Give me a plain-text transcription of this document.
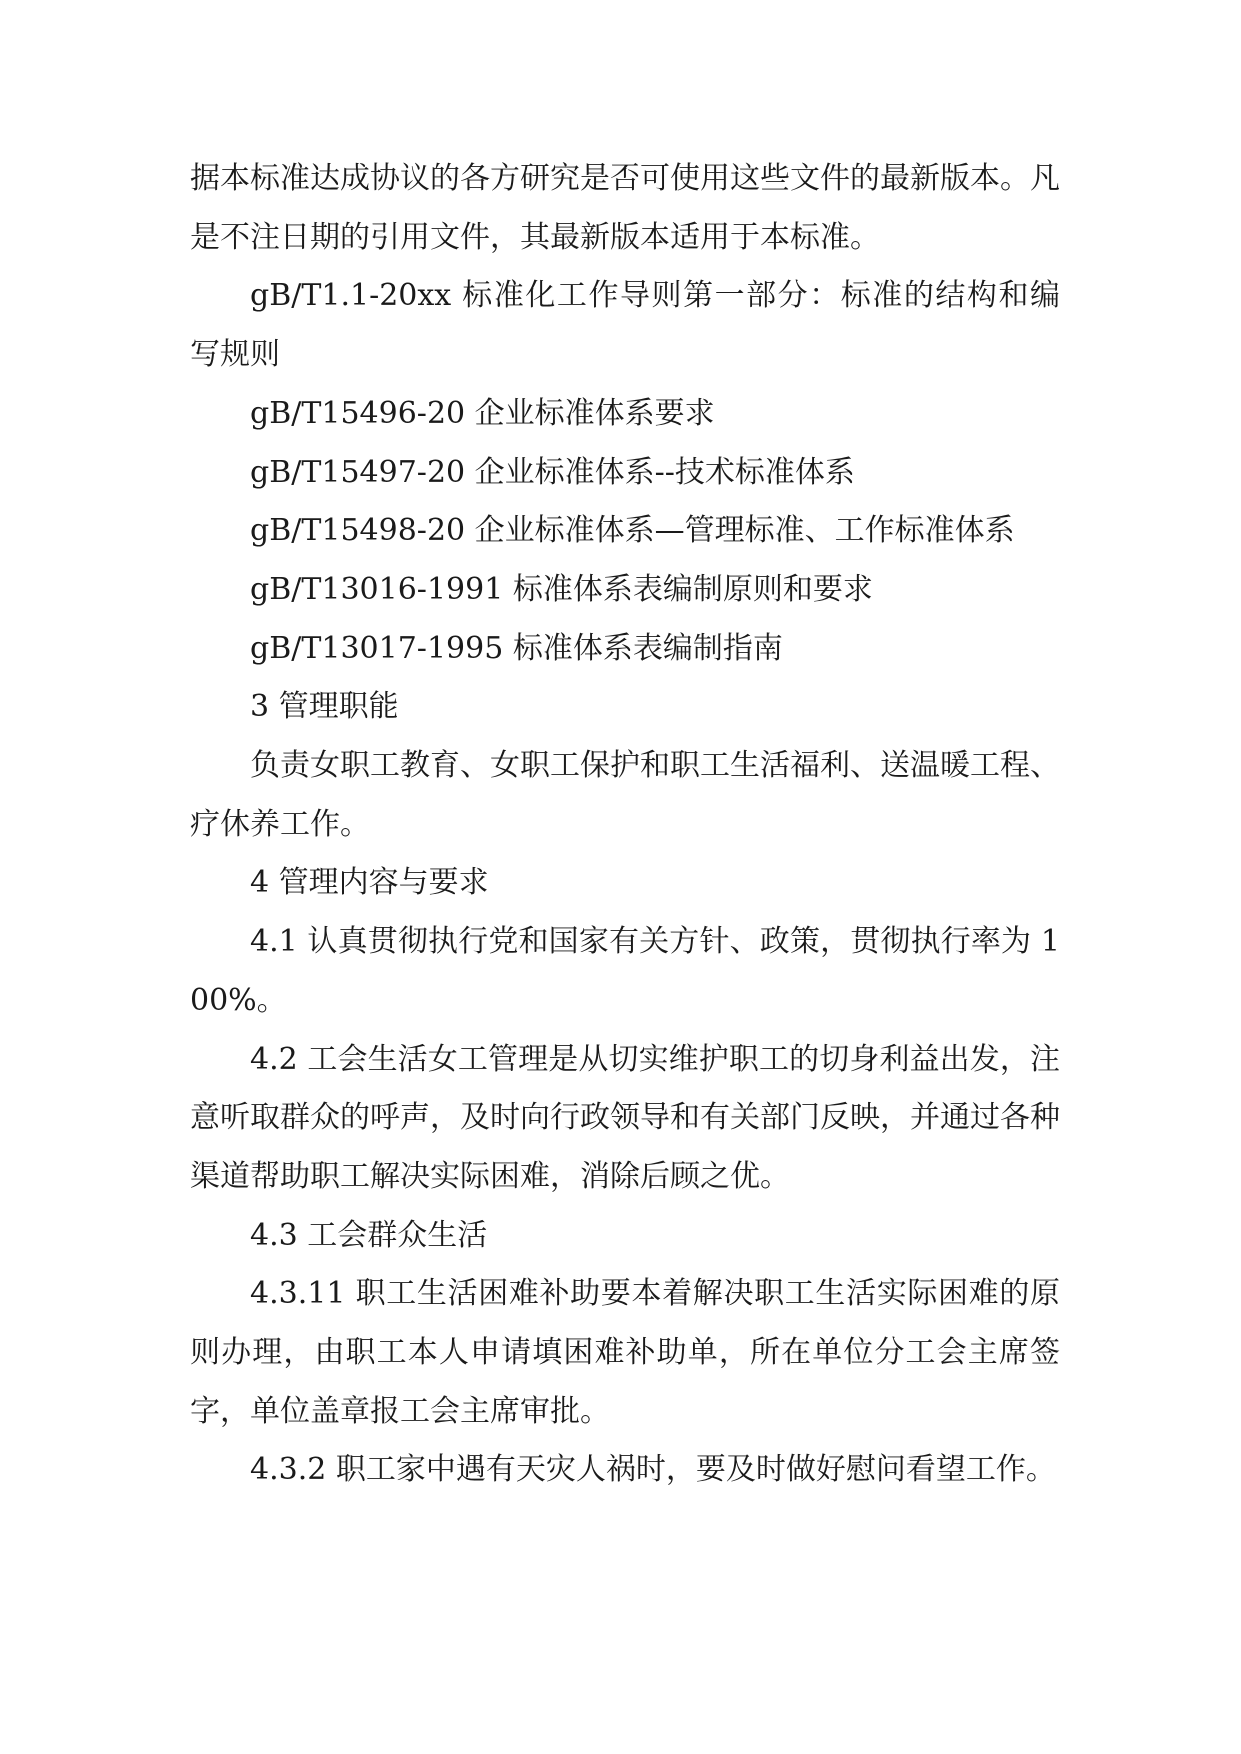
据本标准达成协议的各方研究是否可使用这些文件的最新版本。凡是不注日期的引用文件，其最新版本适用于本标准。

gB/T1.1-20xx 标准化工作导则第一部分：标准的结构和编写规则

gB/T15496-20 企业标准体系要求

gB/T15497-20 企业标准体系--技术标准体系

gB/T15498-20 企业标准体系—管理标准、工作标准体系

gB/T13016-1991 标准体系表编制原则和要求

gB/T13017-1995 标准体系表编制指南

3 管理职能

负责女职工教育、女职工保护和职工生活福利、送温暖工程、疗休养工作。

4 管理内容与要求

4.1 认真贯彻执行党和国家有关方针、政策，贯彻执行率为 100%。

4.2 工会生活女工管理是从切实维护职工的切身利益出发，注意听取群众的呼声，及时向行政领导和有关部门反映，并通过各种渠道帮助职工解决实际困难，消除后顾之优。

4.3 工会群众生活

4.3.11 职工生活困难补助要本着解决职工生活实际困难的原则办理，由职工本人申请填困难补助单，所在单位分工会主席签字，单位盖章报工会主席审批。

4.3.2 职工家中遇有天灾人祸时，要及时做好慰问看望工作。
